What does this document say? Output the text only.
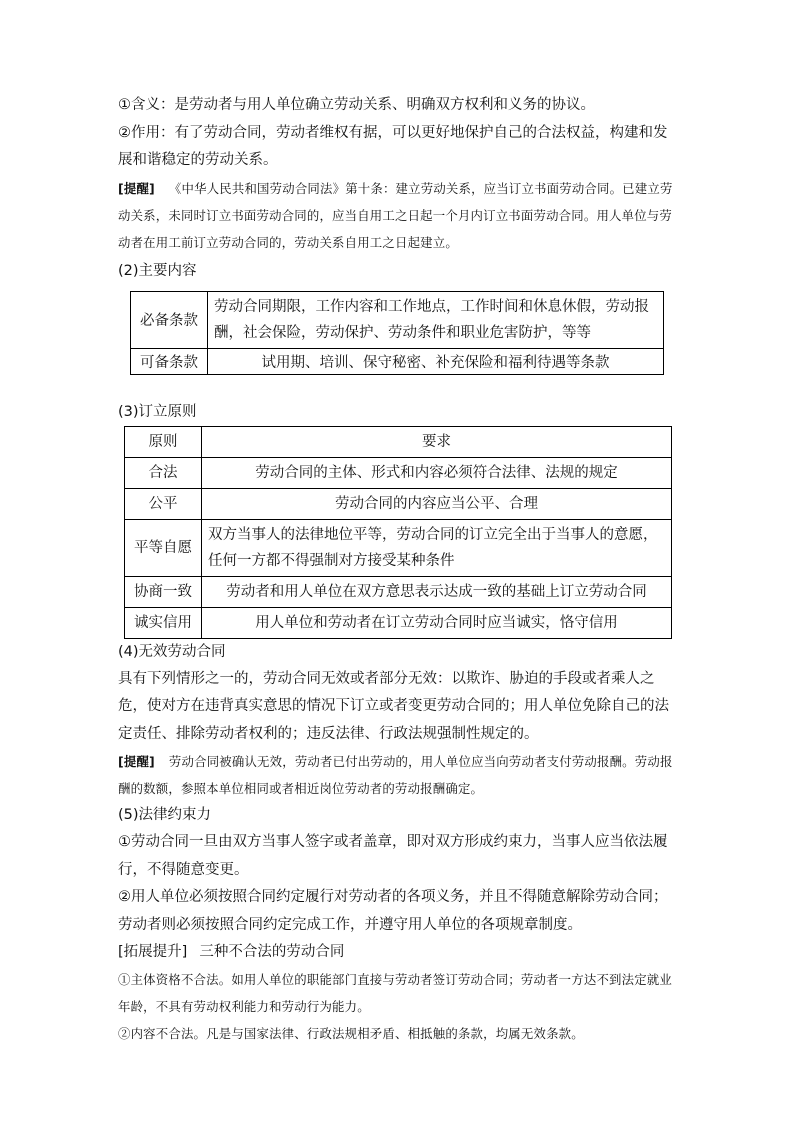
①含义：是劳动者与用人单位确立劳动关系、明确双方权利和义务的协议。

②作用：有了劳动合同，劳动者维权有据，可以更好地保护自己的合法权益，构建和发展和谐稳定的劳动关系。

[提醒] 《中华人民共和国劳动合同法》第十条：建立劳动关系，应当订立书面劳动合同。已建立劳动关系，未同时订立书面劳动合同的，应当自用工之日起一个月内订立书面劳动合同。用人单位与劳动者在用工前订立劳动合同的，劳动关系自用工之日起建立。

(2)主要内容

必备条款	劳动合同期限，工作内容和工作地点，工作时间和休息休假，劳动报酬，社会保险，劳动保护、劳动条件和职业危害防护，等等
可备条款	试用期、培训、保守秘密、补充保险和福利待遇等条款

(3)订立原则

原则	要求
合法	劳动合同的主体、形式和内容必须符合法律、法规的规定
公平	劳动合同的内容应当公平、合理
平等自愿	双方当事人的法律地位平等，劳动合同的订立完全出于当事人的意愿，任何一方都不得强制对方接受某种条件
协商一致	劳动者和用人单位在双方意思表示达成一致的基础上订立劳动合同
诚实信用	用人单位和劳动者在订立劳动合同时应当诚实，恪守信用

(4)无效劳动合同

具有下列情形之一的，劳动合同无效或者部分无效：以欺诈、胁迫的手段或者乘人之危，使对方在违背真实意思的情况下订立或者变更劳动合同的；用人单位免除自己的法定责任、排除劳动者权利的；违反法律、行政法规强制性规定的。

[提醒] 劳动合同被确认无效，劳动者已付出劳动的，用人单位应当向劳动者支付劳动报酬。劳动报酬的数额，参照本单位相同或者相近岗位劳动者的劳动报酬确定。

(5)法律约束力

①劳动合同一旦由双方当事人签字或者盖章，即对双方形成约束力，当事人应当依法履行，不得随意变更。

②用人单位必须按照合同约定履行对劳动者的各项义务，并且不得随意解除劳动合同；劳动者则必须按照合同约定完成工作，并遵守用人单位的各项规章制度。

[拓展提升] 三种不合法的劳动合同

①主体资格不合法。如用人单位的职能部门直接与劳动者签订劳动合同；劳动者一方达不到法定就业年龄，不具有劳动权利能力和劳动行为能力。

②内容不合法。凡是与国家法律、行政法规相矛盾、相抵触的条款，均属无效条款。
